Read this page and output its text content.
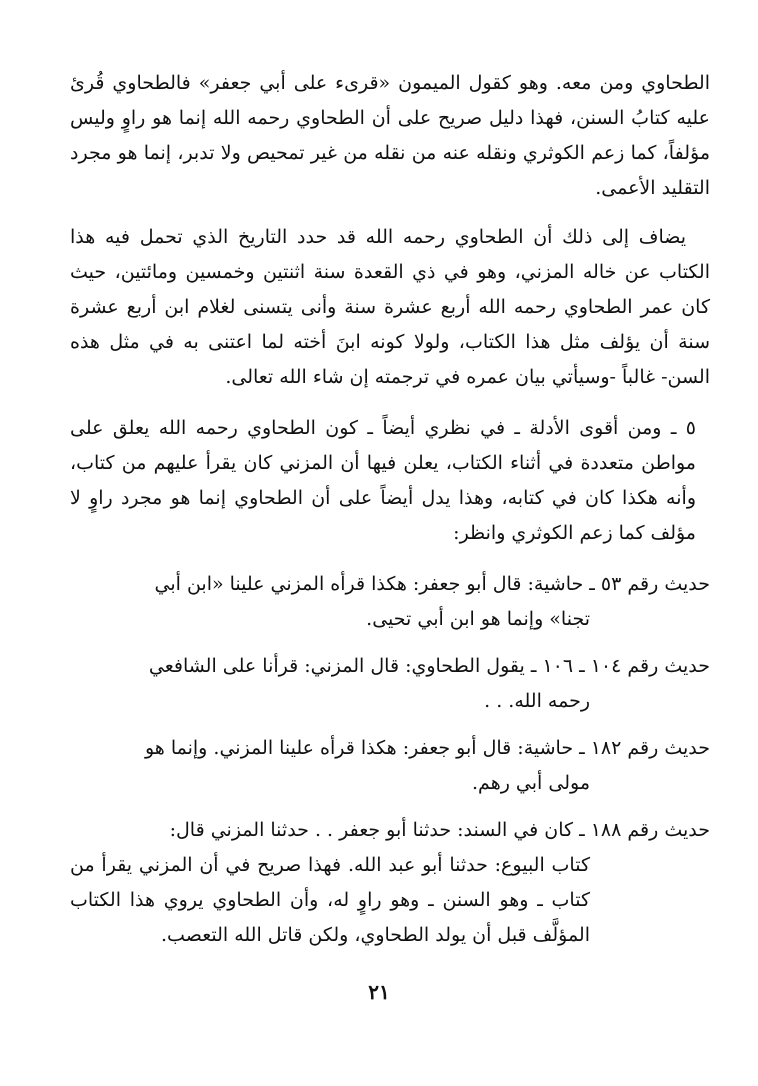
الطحاوي ومن معه. وهو كقول الميمون «قرىء على أبي جعفر» فالطحاوي قُرئ عليه كتابُ السنن، فهذا دليل صريح على أن الطحاوي رحمه الله إنما هو راوٍ وليس مؤلفاً، كما زعم الكوثري ونقله عنه من نقله من غير تمحيص ولا تدبر، إنما هو مجرد التقليد الأعمى.

يضاف إلى ذلك أن الطحاوي رحمه الله قد حدد التاريخ الذي تحمل فيه هذا الكتاب عن خاله المزني، وهو في ذي القعدة سنة اثنتين وخمسين ومائتين، حيث كان عمر الطحاوي رحمه الله أربع عشرة سنة وأنى يتسنى لغلام ابن أربع عشرة سنة أن يؤلف مثل هذا الكتاب، ولولا كونه ابنَ أخته لما اعتنى به في مثل هذه السن- غالباً -وسيأتي بيان عمره في ترجمته إن شاء الله تعالى.

٥ ـ ومن أقوى الأدلة ـ في نظري أيضاً ـ كون الطحاوي رحمه الله يعلق على مواطن متعددة في أثناء الكتاب، يعلن فيها أن المزني كان يقرأ عليهم من كتاب، وأنه هكذا كان في كتابه، وهذا يدل أيضاً على أن الطحاوي إنما هو مجرد راوٍ لا مؤلف كما زعم الكوثري وانظر:

حديث رقم ٥٣ ـ حاشية: قال أبو جعفر: هكذا قرأه المزني علينا «ابن أبي
تجنا» وإنما هو ابن أبي تحيى.
حديث رقم ١٠٤ ـ ١٠٦ ـ يقول الطحاوي: قال المزني: قرأنا على الشافعي
رحمه الله. . .
حديث رقم ١٨٢ ـ حاشية: قال أبو جعفر: هكذا قرأه علينا المزني. وإنما هو
مولى أبي رهم.
حديث رقم ١٨٨ ـ كان في السند: حدثنا أبو جعفر . . حدثنا المزني قال:
كتاب البيوع: حدثنا أبو عبد الله. فهذا صريح في أن المزني يقرأ من كتاب ـ وهو السنن ـ وهو راوٍ له، وأن الطحاوي يروي هذا الكتاب المؤلَّف قبل أن يولد الطحاوي، ولكن قاتل الله التعصب.
٢١
